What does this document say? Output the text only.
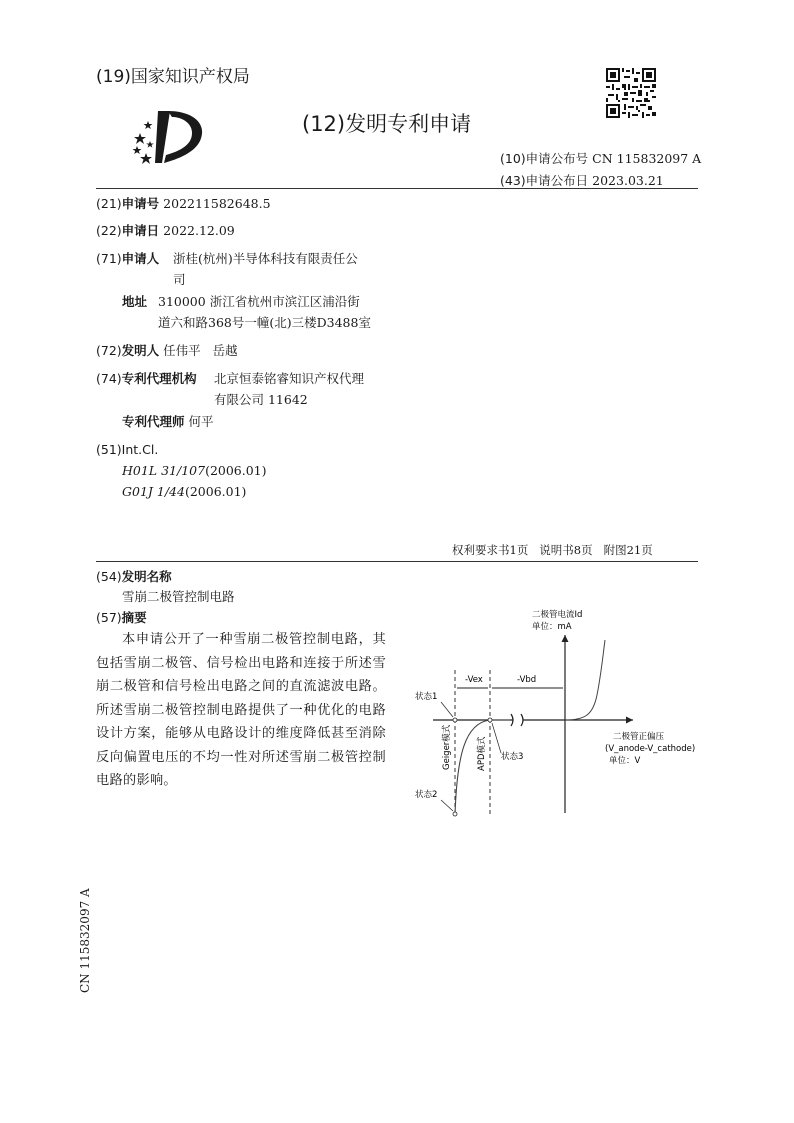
(19)国家知识产权局
(12)发明专利申请
(10)申请公布号 CN 115832097 A
(43)申请公布日 2023.03.21
(21)申请号 202211582648.5
(22)申请日 2022.12.09
(71)申请人 浙桂(杭州)半导体科技有限责任公
司
地址 310000 浙江省杭州市滨江区浦沿街
道六和路368号一幢(北)三楼D3488室
(72)发明人 任伟平   岳越
(74)专利代理机构 北京恒泰铭睿知识产权代理
有限公司 11642
专利代理师 何平
(51)Int.Cl.
H01L 31/107(2006.01)
G01J 1/44(2006.01)
权利要求书1页   说明书8页   附图21页
(54)发明名称
雪崩二极管控制电路
(57)摘要
本申请公开了一种雪崩二极管控制电路，其包括雪崩二极管、信号检出电路和连接于所述雪崩二极管和信号检出电路之间的直流滤波电路。所述雪崩二极管控制电路提供了一种优化的电路设计方案，能够从电路设计的维度降低甚至消除反向偏置电压的不均一性对所述雪崩二极管控制电路的影响。
-Vex	-Vbd
状态1
状态2
状态3
Geiger模式	APD模式
二极管电流Id
单位：mA
二极管正偏压
(V_anode-V_cathode)
单位：V
CN 115832097 A
